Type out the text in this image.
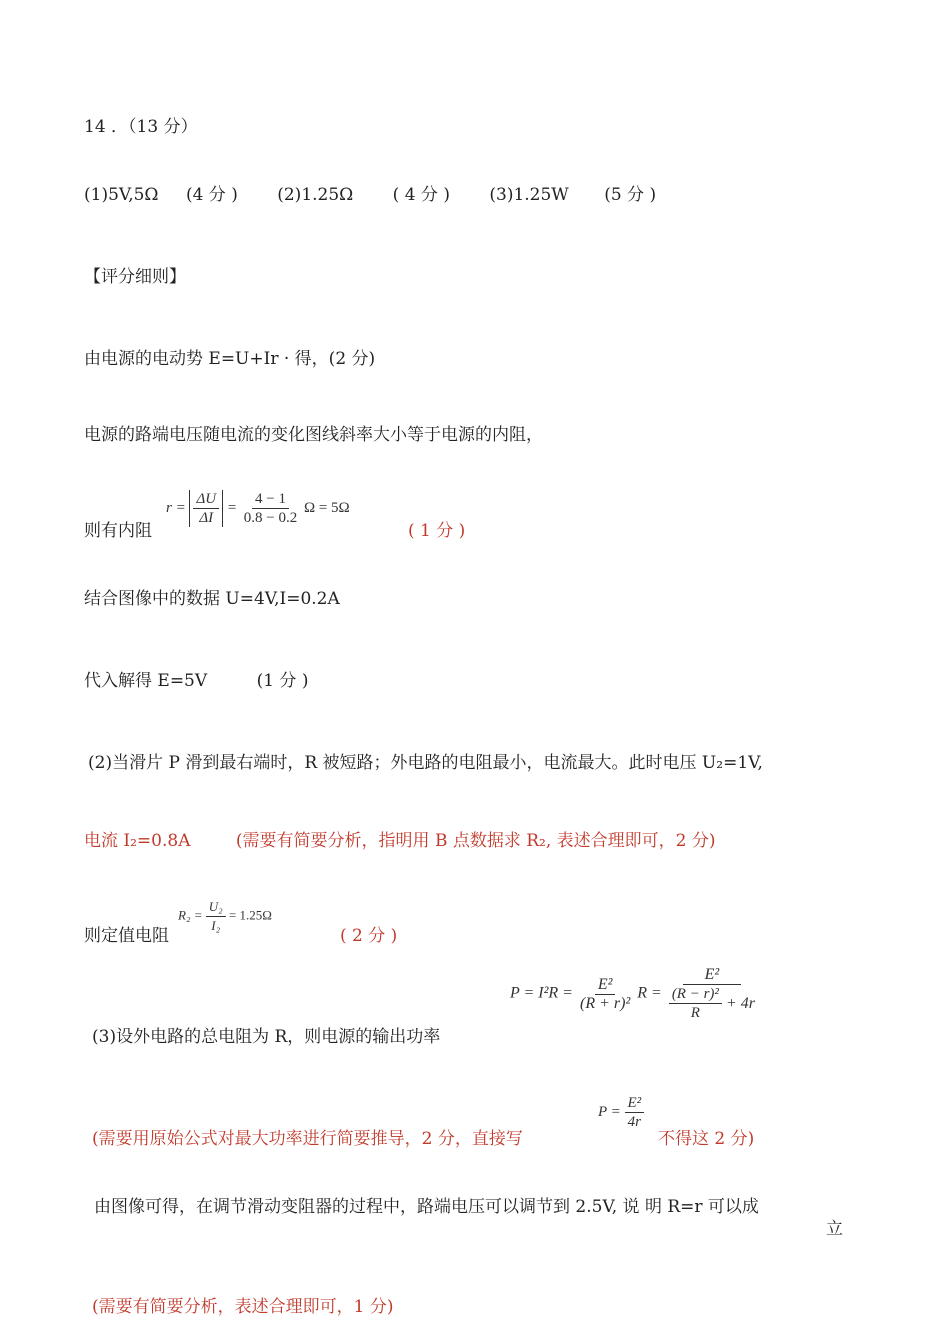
14 ．（13 分）
(1)5V,5Ω (4 分 ) (2)1.25Ω ( 4 分 ) (3)1.25W (5 分 )
【评分细则】
由电源的电动势 E=U+Ir · 得，(2 分)
电源的路端电压随电流的变化图线斜率大小等于电源的内阻，
则有内阻
$r = \frac{\Delta U}{\Delta I} = \frac{4 - 1}{0.8 - 0.2}$ Ω = 5Ω
( 1 分 )
结合图像中的数据 U=4V,I=0.2A
代入解得 E=5V	(1 分 )
(2)当滑片 P 滑到最右端时，R 被短路；外电路的电阻最小，电流最大。此时电压 U₂=1V,
电流 I₂=0.8A	(需要有简要分析，指明用 B 点数据求 R₂, 表述合理即可，2 分)
则定值电阻
$R_2 = \frac{\text{U₂}}{\text{I₂}} = 1.25\Omega$
( 2 分 )
$P = I^2R = \frac{\text{E²}}{\text{(R + r)²}}$ $R = \frac{\text{E²}}{\frac{\text{(R − r)²}}{R} + 4r}$
(3)设外电路的总电阻为 R，则电源的输出功率
(需要用原始公式对最大功率进行简要推导，2 分，直接写
$P = \frac{\text{E²}}{4r}$
不得这 2 分)
由图像可得，在调节滑动变阻器的过程中，路端电压可以调节到 2.5V, 说 明 R=r 可以成
立
(需要有简要分析，表述合理即可，1 分)
